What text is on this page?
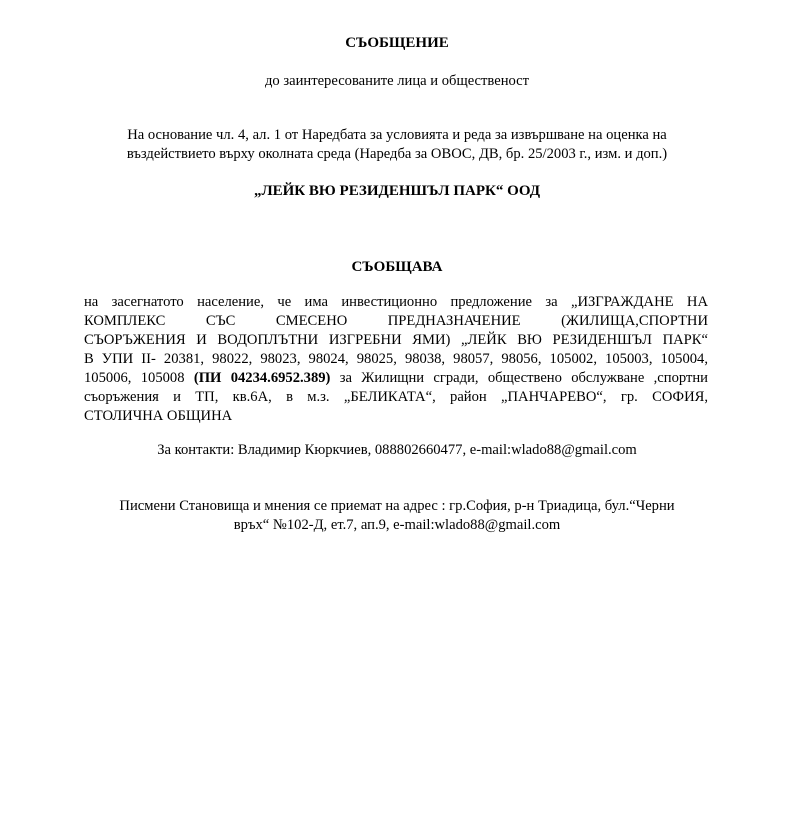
СЪОБЩЕНИЕ
до заинтересованите лица и общественост
На основание чл. 4, ал. 1 от Наредбата за условията и реда за извършване на оценка на
въздействието върху околната среда (Наредба за ОВОС, ДВ, бр. 25/2003 г., изм. и доп.)
„ЛЕЙК ВЮ РЕЗИДЕНШЪЛ ПАРК“ ООД
СЪОБЩАВА
на засегнатото население, че има инвестиционно предложение за „ИЗГРАЖДАНЕ НА
КОМПЛЕКС СЪС СМЕСЕНО ПРЕДНАЗНАЧЕНИЕ (ЖИЛИЩА,СПОРТНИ
СЪОРЪЖЕНИЯ И ВОДОПЛЪТНИ ИЗГРЕБНИ ЯМИ) „ЛЕЙК ВЮ РЕЗИДЕНШЪЛ ПАРК“
В УПИ II- 20381, 98022, 98023, 98024, 98025, 98038, 98057, 98056, 105002, 105003, 105004,
105006, 105008 (ПИ 04234.6952.389) за Жилищни сгради, обществено обслужване ,спортни
съоръжения и ТП, кв.6А, в м.з. „БЕЛИКАТА“, район „ПАНЧАРЕВО“, гр. СОФИЯ,
СТОЛИЧНА ОБЩИНА
За контакти: Владимир Кюркчиев, 088802660477, e-mail:wlado88@gmail.com
Писмени Становища и мнения се приемат на адрес : гр.София, р-н Триадица, бул.“Черни
връх“ №102-Д, ет.7, ап.9, e-mail:wlado88@gmail.com
